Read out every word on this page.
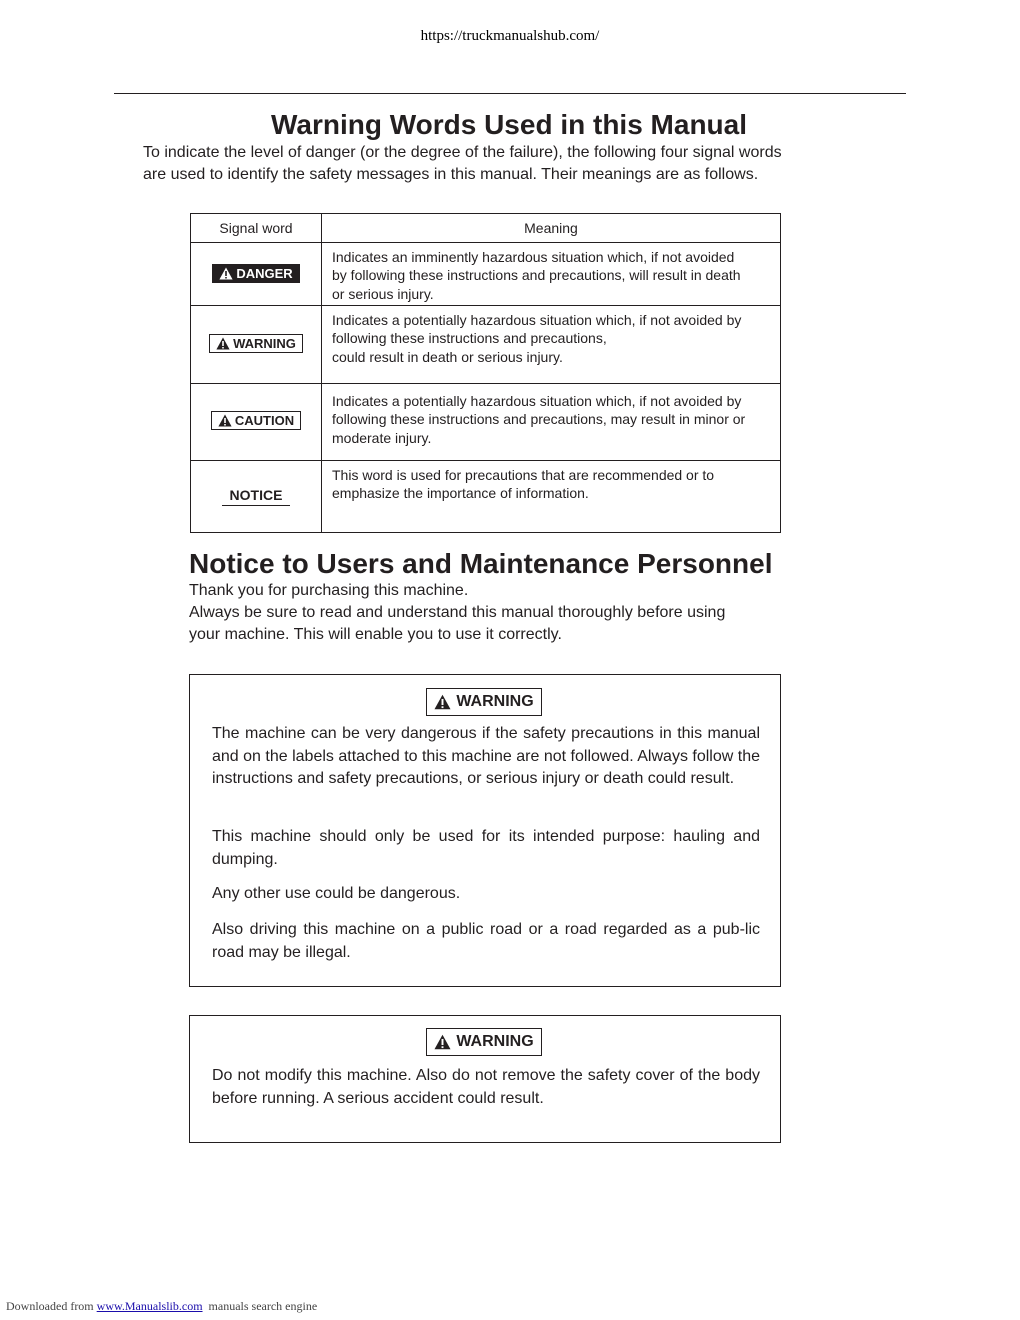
https://truckmanualshub.com/
Warning Words Used in this Manual
To indicate the level of danger (or the degree of the failure), the following four signal words
are used to identify the safety messages in this manual. Their meanings are as follows.
Signal word	Meaning

DANGER	Indicates an imminently hazardous situation which, if not avoided
by following these instructions and precautions, will result in death
or serious injury.

WARNING	Indicates a potentially hazardous situation which, if not avoided by
following these instructions and precautions,
could result in death or serious injury.

CAUTION	Indicates a potentially hazardous situation which, if not avoided by
following these instructions and precautions, may result in minor or
moderate injury.

NOTICE	This word is used for precautions that are recommended or to
emphasize the importance of information.
Notice to Users and Maintenance Personnel
Thank you for purchasing this machine.
Always be sure to read and understand this manual thoroughly before using
your machine. This will enable you to use it correctly.
WARNING

The machine can be very dangerous if the safety precautions in this manual and on the labels attached to this machine are not followed. Always follow the instructions and safety precautions, or serious injury or death could result.

This machine should only be used for its intended purpose: hauling and dumping.

Any other use could be dangerous.

Also driving this machine on a public road or a road regarded as a pub-lic road may be illegal.

WARNING

Do not modify this machine. Also do not remove the safety cover of the body before running. A serious accident could result.

Downloaded from www.Manualslib.com manuals search engine
